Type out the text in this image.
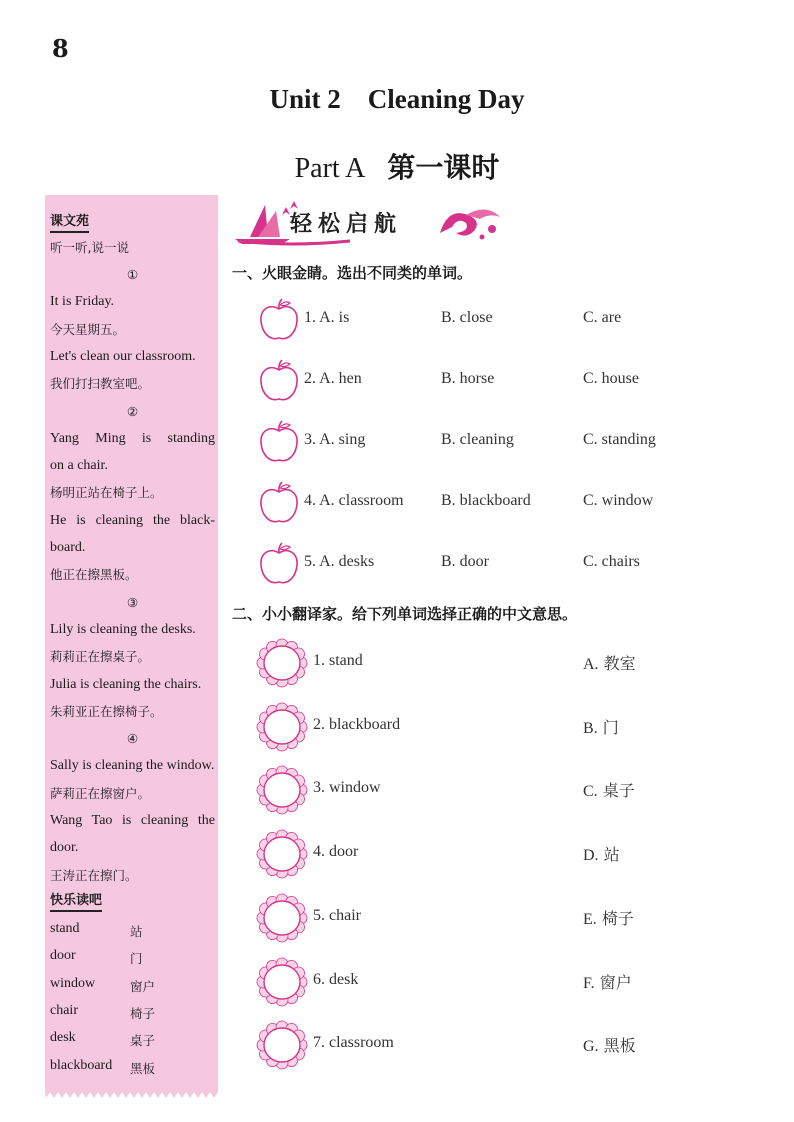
8
Unit 2    Cleaning Day
Part A 第一课时
课文苑
听一听,说一说
①
It is Friday.
今天星期五。
Let's clean our classroom.
我们打扫教室吧。
②
Yang Ming is standing
on a chair.
杨明正站在椅子上。
He is cleaning the black-
board.
他正在擦黑板。
③
Lily is cleaning the desks.
莉莉正在擦桌子。
Julia is cleaning the chairs.
朱莉亚正在擦椅子。
④
Sally is cleaning the window.
萨莉正在擦窗户。
Wang Tao is cleaning the
door.
王涛正在擦门。
快乐读吧
stand	站
door	门
window	窗户
chair	椅子
desk	桌子
blackboard 黑板
轻松启航
一、火眼金睛。选出不同类的单词。
1. A. is	B. close	C. are
2. A. hen	B. horse	C. house
3. A. sing	B. cleaning	C. standing
4. A. classroom B. blackboard	C. window
5. A. desks	B. door	C. chairs
二、小小翻译家。给下列单词选择正确的中文意思。
1. stand	A. 教室
2. blackboard	B. 门
3. window	C. 桌子
4. door	D. 站
5. chair	E. 椅子
6. desk	F. 窗户
7. classroom	G. 黑板
